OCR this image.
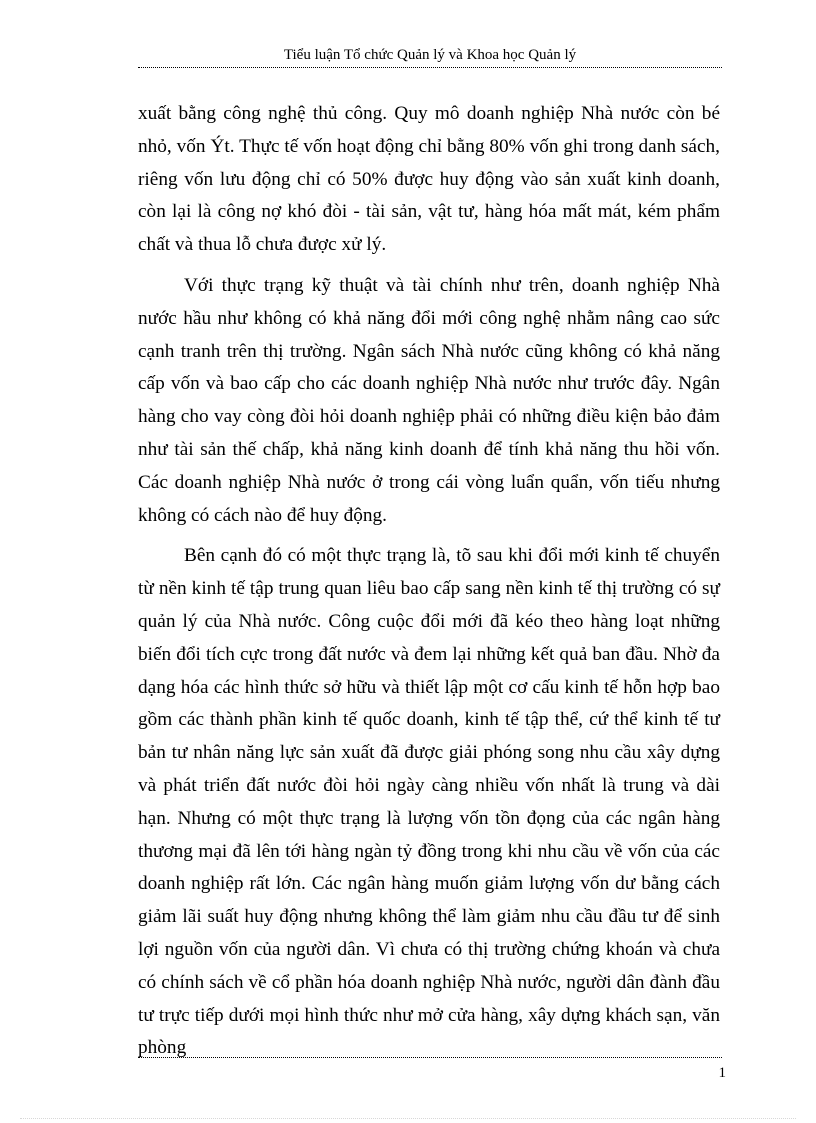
Tiểu luận Tổ chức Quản lý và Khoa học Quản lý

xuất bằng công nghệ thủ công. Quy mô doanh nghiệp Nhà nước còn bé nhỏ, vốn Ýt. Thực tế vốn hoạt động chỉ bằng 80% vốn ghi trong danh sách, riêng vốn lưu động chỉ có 50% được huy động vào sản xuất kinh doanh, còn lại là công nợ khó đòi - tài sản, vật tư, hàng hóa mất mát, kém phẩm chất và thua lỗ chưa được xử lý.

Với thực trạng kỹ thuật và tài chính như trên, doanh nghiệp Nhà nước hầu như không có khả năng đổi mới công nghệ nhằm nâng cao sức cạnh tranh trên thị trường. Ngân sách Nhà nước cũng không có khả năng cấp vốn và bao cấp cho các doanh nghiệp Nhà nước như trước đây. Ngân hàng cho vay còng đòi hỏi doanh nghiệp phải có những điều kiện bảo đảm như tài sản thế chấp, khả năng kinh doanh để tính khả năng thu hồi vốn. Các doanh nghiệp Nhà nước ở trong cái vòng luẩn quẩn, vốn tiếu nhưng không có cách nào để huy động.

Bên cạnh đó có một thực trạng là, tõ sau khi đổi mới kinh tế chuyển từ nền kinh tế tập trung quan liêu bao cấp sang nền kinh tế thị trường có sự quản lý của Nhà nước. Công cuộc đổi mới đã kéo theo hàng loạt những biến đổi tích cực trong đất nước và đem lại những kết quả ban đầu. Nhờ đa dạng hóa các hình thức sở hữu và thiết lập một cơ cấu kinh tế hỗn hợp bao gồm các thành phần kinh tế quốc doanh, kinh tế tập thể, cứ thể kinh tế tư bản tư nhân năng lực sản xuất đã được giải phóng song nhu cầu xây dựng và phát triển đất nước đòi hỏi ngày càng nhiều vốn nhất là trung và dài hạn. Nhưng có một thực trạng là lượng vốn tồn đọng của các ngân hàng thương mại đã lên tới hàng ngàn tỷ đồng trong khi nhu cầu về vốn của các doanh nghiệp rất lớn. Các ngân hàng muốn giảm lượng vốn dư bằng cách giảm lãi suất huy động nhưng không thể làm giảm nhu cầu đầu tư để sinh lợi nguồn vốn của người dân. Vì chưa có thị trường chứng khoán và chưa có chính sách về cổ phần hóa doanh nghiệp Nhà nước, người dân đành đầu tư trực tiếp dưới mọi hình thức như mở cửa hàng, xây dựng khách sạn, văn phòng

1
